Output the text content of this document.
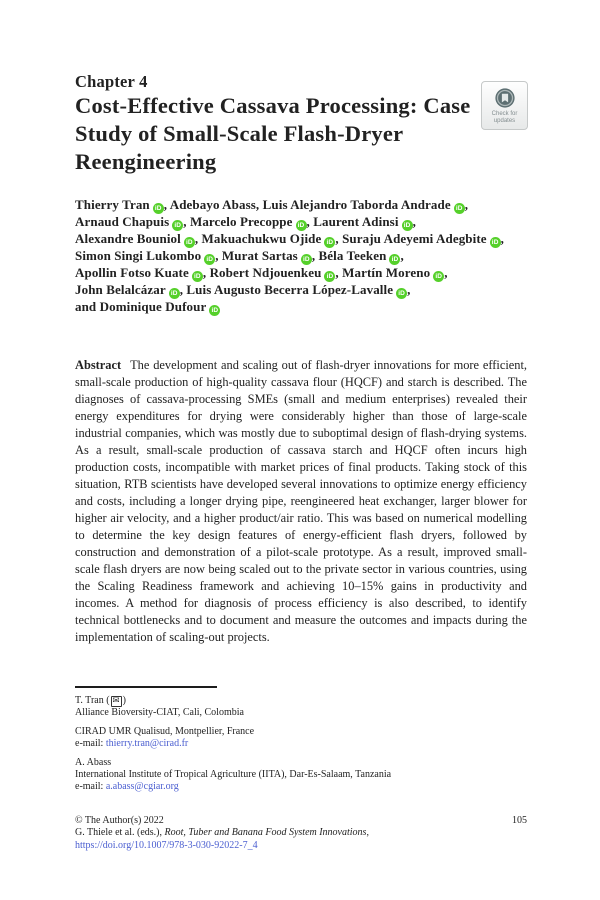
Chapter 4
Cost-Effective Cassava Processing: Case
Study of Small-Scale Flash-Dryer
Reengineering
Check for
updates
Thierry Tran iD , Adebayo Abass, Luis Alejandro Taborda Andrade iD ,
Arnaud Chapuis iD , Marcelo Precoppe iD , Laurent Adinsi iD ,
Alexandre Bouniol iD , Makuachukwu Ojide iD , Suraju Adeyemi Adegbite iD ,
Simon Singi Lukombo iD , Murat Sartas iD , Béla Teeken iD ,
Apollin Fotso Kuate iD , Robert Ndjouenkeu iD , Martín Moreno iD ,
John Belalcázar iD , Luis Augusto Becerra López-Lavalle iD ,
and Dominique Dufour iD

Abstract The development and scaling out of flash-dryer innovations for more efficient, small-scale production of high-quality cassava flour (HQCF) and starch is described. The diagnoses of cassava-processing SMEs (small and medium enterprises) revealed their energy expenditures for drying were considerably higher than those of large-scale industrial companies, which was mostly due to suboptimal design of flash-drying systems. As a result, small-scale production of cassava starch and HQCF often incurs high production costs, incompatible with market prices of final products. Taking stock of this situation, RTB scientists have developed several innovations to optimize energy efficiency and costs, including a longer drying pipe, reengineered heat exchanger, larger blower for higher air velocity, and a higher product/air ratio. This was based on numerical modelling to determine the key design features of energy-efficient flash dryers, followed by construction and demonstration of a pilot-scale prototype. As a result, improved small-scale flash dryers are now being scaled out to the private sector in various countries, using the Scaling Readiness framework and achieving 10–15% gains in productivity and incomes. A method for diagnosis of process efficiency is also described, to identify technical bottlenecks and to document and measure the outcomes and impacts during the implementation of scaling-out projects.

T. Tran ( ✉ )
Alliance Bioversity-CIAT, Cali, Colombia
CIRAD UMR Qualisud, Montpellier, France
e-mail: thierry.tran@cirad.fr
A. Abass
International Institute of Tropical Agriculture (IITA), Dar-Es-Salaam, Tanzania
e-mail: a.abass@cgiar.org
© The Author(s) 2022	105
G. Thiele et al. (eds.), Root, Tuber and Banana Food System Innovations,
https://doi.org/10.1007/978-3-030-92022-7_4
